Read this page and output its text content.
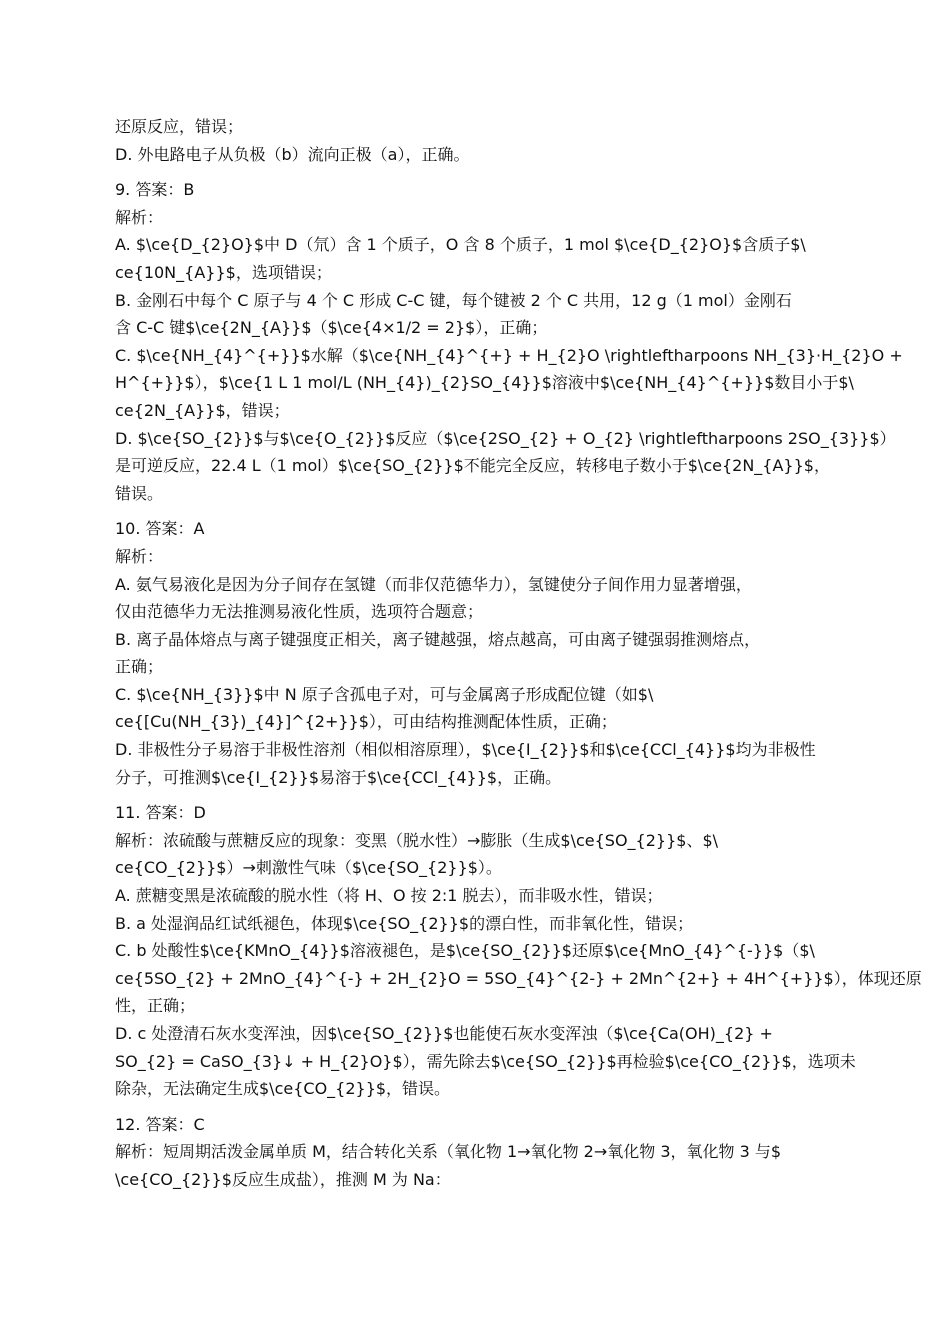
还原反应，错误；
D. 外电路电子从负极（b）流向正极（a），正确。
9. 答案：B
解析：
A. $\ce{D_{2}O}$中 D（氘）含 1 个质子，O 含 8 个质子，1 mol $\ce{D_{2}O}$含质子$\
ce{10N_{A}}$，选项错误；
B. 金刚石中每个 C 原子与 4 个 C 形成 C-C 键，每个键被 2 个 C 共用，12 g（1 mol）金刚石
含 C-C 键$\ce{2N_{A}}$（$\ce{4×1/2 = 2}$），正确；
C. $\ce{NH_{4}^{+}}$水解（$\ce{NH_{4}^{+} + H_{2}O \rightleftharpoons NH_{3}·H_{2}O +
H^{+}}$），$\ce{1 L 1 mol/L (NH_{4})_{2}SO_{4}}$溶液中$\ce{NH_{4}^{+}}$数目小于$\
ce{2N_{A}}$，错误；
D. $\ce{SO_{2}}$与$\ce{O_{2}}$反应（$\ce{2SO_{2} + O_{2} \rightleftharpoons 2SO_{3}}$）
是可逆反应，22.4 L（1 mol）$\ce{SO_{2}}$不能完全反应，转移电子数小于$\ce{2N_{A}}$，
错误。
10. 答案：A
解析：
A. 氨气易液化是因为分子间存在氢键（而非仅范德华力），氢键使分子间作用力显著增强，
仅由范德华力无法推测易液化性质，选项符合题意；
B. 离子晶体熔点与离子键强度正相关，离子键越强，熔点越高，可由离子键强弱推测熔点，
正确；
C. $\ce{NH_{3}}$中 N 原子含孤电子对，可与金属离子形成配位键（如$\
ce{[Cu(NH_{3})_{4}]^{2+}}$），可由结构推测配体性质，正确；
D. 非极性分子易溶于非极性溶剂（相似相溶原理），$\ce{I_{2}}$和$\ce{CCl_{4}}$均为非极性
分子，可推测$\ce{I_{2}}$易溶于$\ce{CCl_{4}}$，正确。
11. 答案：D
解析：浓硫酸与蔗糖反应的现象：变黑（脱水性）→膨胀（生成$\ce{SO_{2}}$、$\
ce{CO_{2}}$）→刺激性气味（$\ce{SO_{2}}$）。
A. 蔗糖变黑是浓硫酸的脱水性（将 H、O 按 2:1 脱去），而非吸水性，错误；
B. a 处湿润品红试纸褪色，体现$\ce{SO_{2}}$的漂白性，而非氧化性，错误；
C. b 处酸性$\ce{KMnO_{4}}$溶液褪色，是$\ce{SO_{2}}$还原$\ce{MnO_{4}^{-}}$（$\
ce{5SO_{2} + 2MnO_{4}^{-} + 2H_{2}O = 5SO_{4}^{2-} + 2Mn^{2+} + 4H^{+}}$），体现还原
性，正确；
D. c 处澄清石灰水变浑浊，因$\ce{SO_{2}}$也能使石灰水变浑浊（$\ce{Ca(OH)_{2} +
SO_{2} = CaSO_{3}↓ + H_{2}O}$），需先除去$\ce{SO_{2}}$再检验$\ce{CO_{2}}$，选项未
除杂，无法确定生成$\ce{CO_{2}}$，错误。
12. 答案：C
解析：短周期活泼金属单质 M，结合转化关系（氧化物 1→氧化物 2→氧化物 3，氧化物 3 与$
\ce{CO_{2}}$反应生成盐），推测 M 为 Na：
